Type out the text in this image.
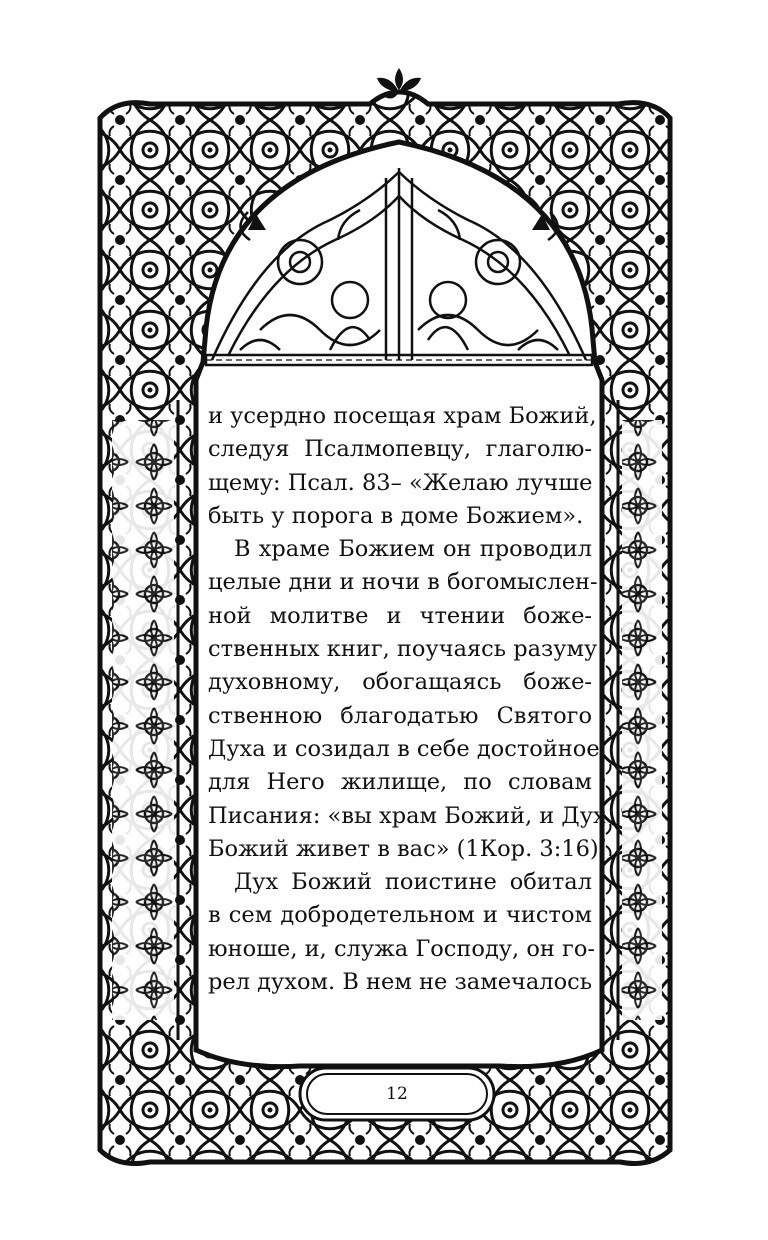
и усердно посещая храм Божий,
следуя Псалмопевцу, глаголю-
щему: Псал. 83– «Желаю лучше
быть у порога в доме Божием».
В храме Божием он проводил
целые дни и ночи в богомыслен-
ной молитве и чтении боже-
ственных книг, поучаясь разуму
духовному, обогащаясь боже-
ственною благодатью Святого
Духа и созидал в себе достойное
для Него жилище, по словам
Писания: «вы храм Божий, и Дух
Божий живет в вас» (1Кор. 3:16).
Дух Божий поистине обитал
в сем добродетельном и чистом
юноше, и, служа Господу, он го-
рел духом. В нем не замечалось
12
